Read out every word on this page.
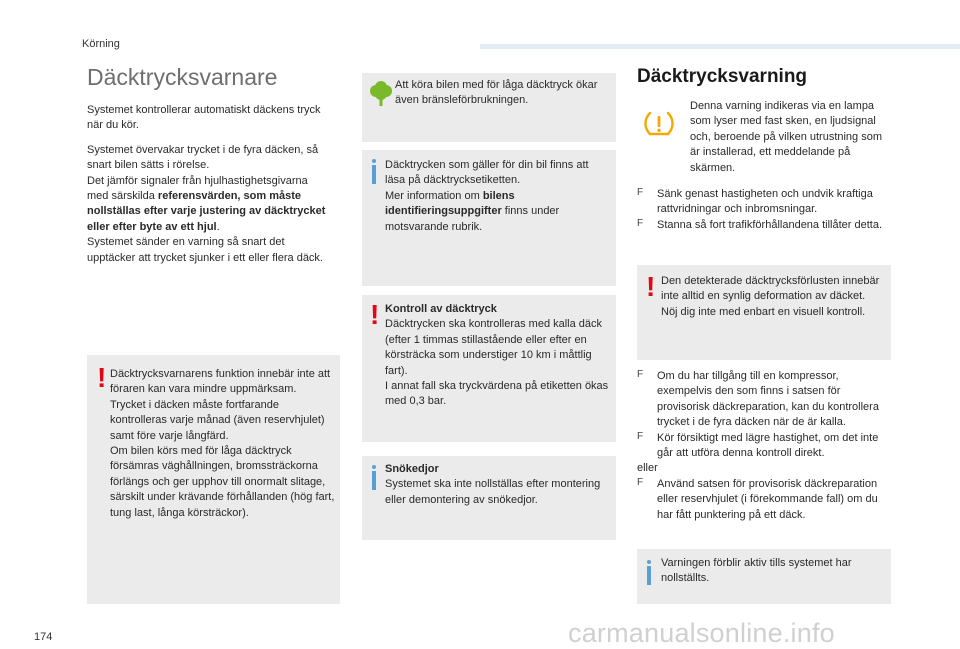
Körning
174	carmanualsonline.info
Däcktrycksvarnare

Systemet kontrollerar automatiskt däckens tryck när du kör.

Systemet övervakar trycket i de fyra däcken, så snart bilen sätts i rörelse.

Det jämför signaler från hjulhastighetsgivarna med särskilda referensvärden, som måste nollställas efter varje justering av däcktrycket eller efter byte av ett hjul.

Systemet sänder en varning så snart det upptäcker att trycket sjunker i ett eller flera däck.

! Däcktrycksvarnarens funktion innebär inte att föraren kan vara mindre uppmärksam.

Trycket i däcken måste fortfarande kontrolleras varje månad (även reservhjulet) samt före varje långfärd.

Om bilen körs med för låga däcktryck försämras väghållningen, bromssträckorna förlängs och ger upphov till onormalt slitage, särskilt under krävande förhållanden (hög fart, tung last, långa körsträckor).

Att köra bilen med för låga däcktryck ökar även bränsleförbrukningen.

Däcktrycken som gäller för din bil finns att läsa på däcktrycksetiketten.

Mer information om bilens identifieringsuppgifter finns under motsvarande rubrik.

! Kontroll av däcktryck

Däcktrycken ska kontrolleras med kalla däck (efter 1 timmas stillastående eller efter en körsträcka som understiger 10 km i måttlig fart).

I annat fall ska tryckvärdena på etiketten ökas med 0,3 bar.

Snökedjor

Systemet ska inte nollställas efter montering eller demontering av snökedjor.

Däcktrycksvarning

Denna varning indikeras via en lampa som lyser med fast sken, en ljudsignal och, beroende på vilken utrustning som är installerad, ett meddelande på skärmen.

F	Sänk genast hastigheten och undvik kraftiga rattvridningar och inbromsningar.

F	Stanna så fort trafikförhållandena tillåter detta.

! Den detekterade däcktrycksförlusten innebär inte alltid en synlig deformation av däcket.

Nöj dig inte med enbart en visuell kontroll.

F	Om du har tillgång till en kompressor, exempelvis den som finns i satsen för provisorisk däckreparation, kan du kontrollera trycket i de fyra däcken när de är kalla.

F	Kör försiktigt med lägre hastighet, om det inte går att utföra denna kontroll direkt.

eller

F	Använd satsen för provisorisk däckreparation eller reservhjulet (i förekommande fall) om du har fått punktering på ett däck.

Varningen förblir aktiv tills systemet har nollställts.
